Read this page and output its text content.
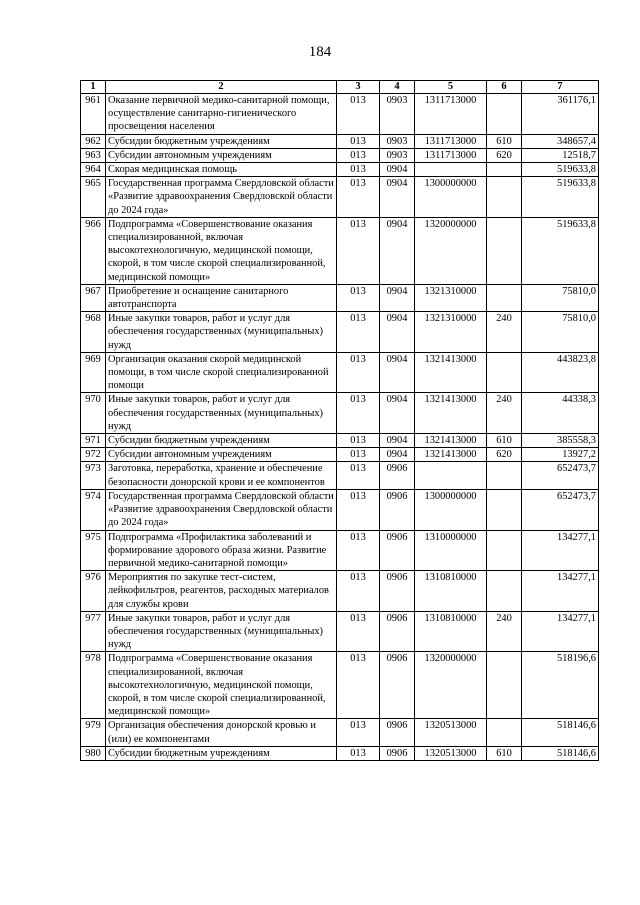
184
1	2	3	4	5	6	7
961	Оказание первичной медико-санитарной помощи, осуществление санитарно-гигиенического просвещения населения	013	0903	1311713000		361176,1
962	Субсидии бюджетным учреждениям	013	0903	1311713000	610	348657,4
963	Субсидии автономным учреждениям	013	0903	1311713000	620	12518,7
964	Скорая медицинская помощь	013	0904			519633,8
965	Государственная программа Свердловской области «Развитие здравоохранения Свердловской области до 2024 года»	013	0904	1300000000		519633,8
966	Подпрограмма «Совершенствование оказания специализированной, включая высокотехнологичную, медицинской помощи, скорой, в том числе скорой специализированной, медицинской помощи»	013	0904	1320000000		519633,8
967	Приобретение и оснащение санитарного автотранспорта	013	0904	1321310000		75810,0
968	Иные закупки товаров, работ и услуг для обеспечения государственных (муниципальных) нужд	013	0904	1321310000	240	75810,0
969	Организация оказания скорой медицинской помощи, в том числе скорой специализированной помощи	013	0904	1321413000		443823,8
970	Иные закупки товаров, работ и услуг для обеспечения государственных (муниципальных) нужд	013	0904	1321413000	240	44338,3
971	Субсидии бюджетным учреждениям	013	0904	1321413000	610	385558,3
972	Субсидии автономным учреждениям	013	0904	1321413000	620	13927,2
973	Заготовка, переработка, хранение и обеспечение безопасности донорской крови и ее компонентов	013	0906			652473,7
974	Государственная программа Свердловской области «Развитие здравоохранения Свердловской области до 2024 года»	013	0906	1300000000		652473,7
975	Подпрограмма «Профилактика заболеваний и формирование здорового образа жизни. Развитие первичной медико-санитарной помощи»	013	0906	1310000000		134277,1
976	Мероприятия по закупке тест-систем, лейкофильтров, реагентов, расходных материалов для службы крови	013	0906	1310810000		134277,1
977	Иные закупки товаров, работ и услуг для обеспечения государственных (муниципальных) нужд	013	0906	1310810000	240	134277,1
978	Подпрограмма «Совершенствование оказания специализированной, включая высокотехнологичную, медицинской помощи, скорой, в том числе скорой специализированной, медицинской помощи»	013	0906	1320000000		518196,6
979	Организация обеспечения донорской кровью и (или) ее компонентами	013	0906	1320513000		518146,6
980	Субсидии бюджетным учреждениям	013	0906	1320513000	610	518146,6
